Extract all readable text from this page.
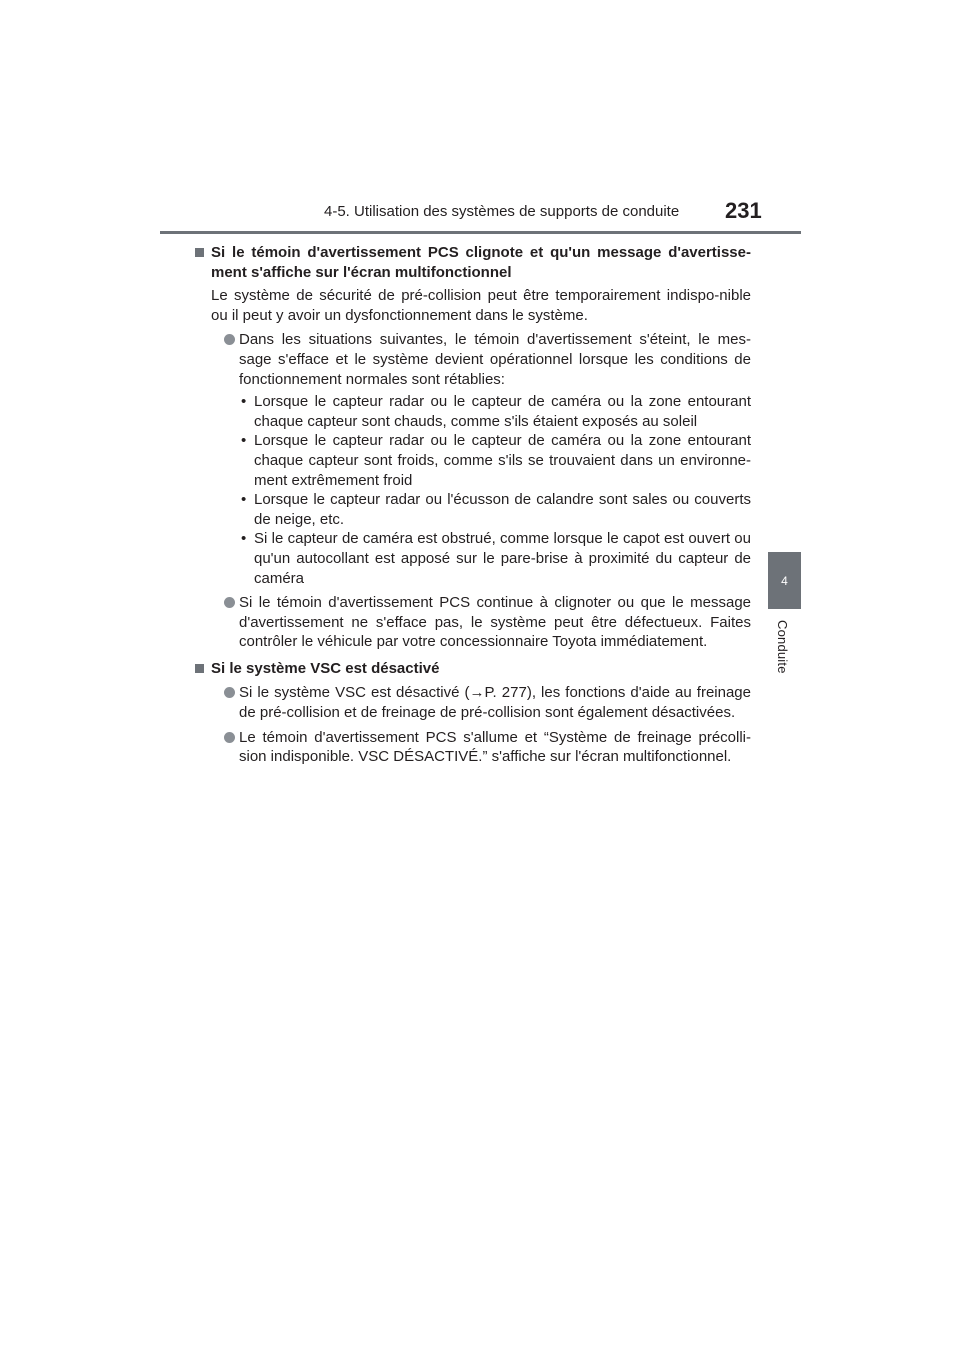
4-5. Utilisation des systèmes de supports de conduite 231
4
Conduite
Si le témoin d'avertissement PCS clignote et qu'un message d'avertisse-ment s'affiche sur l'écran multifonctionnel
Le système de sécurité de pré-collision peut être temporairement indispo-nible ou il peut y avoir un dysfonctionnement dans le système.
Dans les situations suivantes, le témoin d'avertissement s'éteint, le mes-sage s'efface et le système devient opérationnel lorsque les conditions de fonctionnement normales sont rétablies:
• Lorsque le capteur radar ou le capteur de caméra ou la zone entourant chaque capteur sont chauds, comme s'ils étaient exposés au soleil
• Lorsque le capteur radar ou le capteur de caméra ou la zone entourant chaque capteur sont froids, comme s'ils se trouvaient dans un environne-ment extrêmement froid
• Lorsque le capteur radar ou l'écusson de calandre sont sales ou couverts de neige, etc.
• Si le capteur de caméra est obstrué, comme lorsque le capot est ouvert ou qu'un autocollant est apposé sur le pare-brise à proximité du capteur de caméra
Si le témoin d'avertissement PCS continue à clignoter ou que le message d'avertissement ne s'efface pas, le système peut être défectueux. Faites contrôler le véhicule par votre concessionnaire Toyota immédiatement.
Si le système VSC est désactivé
Si le système VSC est désactivé (→P. 277), les fonctions d'aide au freinage de pré-collision et de freinage de pré-collision sont également désactivées.
Le témoin d'avertissement PCS s'allume et “Système de freinage précolli-sion indisponible. VSC DÉSACTIVÉ.” s'affiche sur l'écran multifonctionnel.
